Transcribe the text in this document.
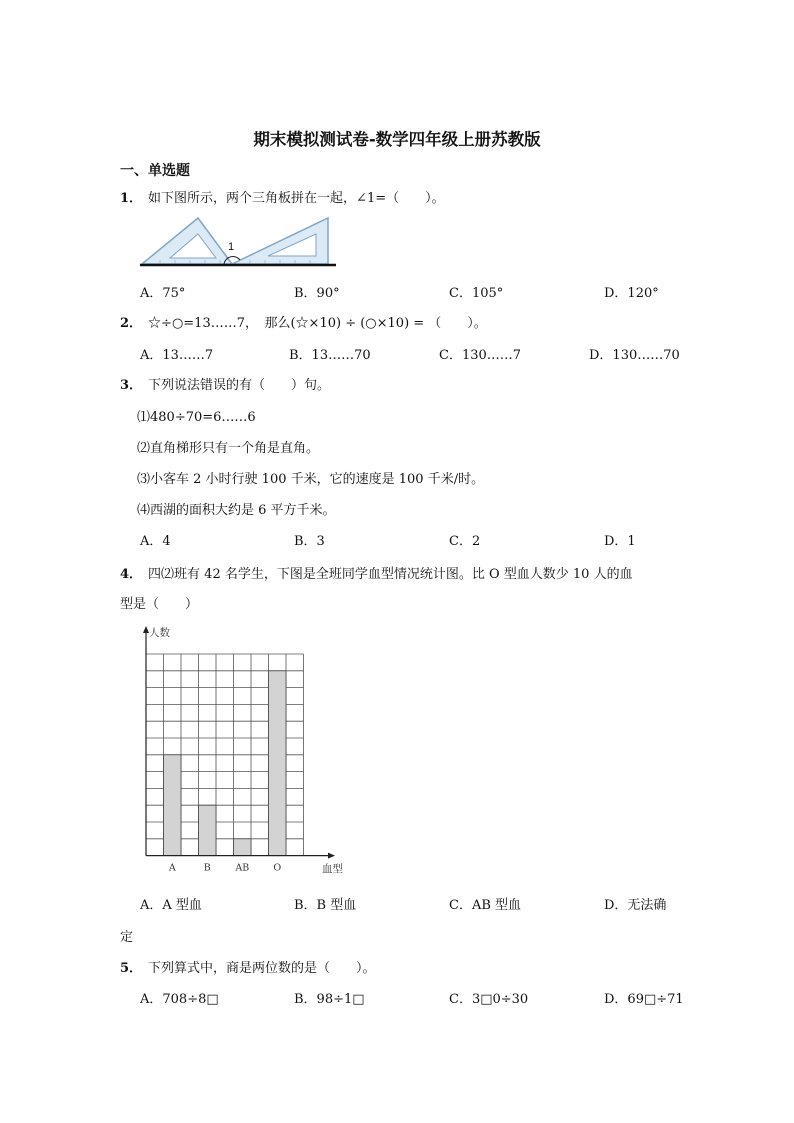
期末模拟测试卷-数学四年级上册苏教版
一、单选题
1． 如下图所示，两个三角板拼在一起，∠1=（　　）。
1
A．75°	B．90°	C．105°	D．120°
2． ☆÷○=13……7，　那么(☆×10) ÷ (○×10) = （　　）。
A．13……7	B．13……70	C．130……7	D．130……70
3． 下列说法错误的有（　　）句。
⑴480÷70=6……6
⑵直角梯形只有一个角是直角。
⑶小客车 2 小时行驶 100 千米，它的速度是 100 千米/时。
⑷西湖的面积大约是 6 平方千米。
A．4	B．3	C．2	D．1
4． 四⑵班有 42 名学生，下图是全班同学血型情况统计图。比 O 型血人数少 10 人的血
型是（　　）
A	B	AB	O
人数
血型
A．A 型血	B．B 型血	C．AB 型血	D．无法确
定
5． 下列算式中，商是两位数的是（　　）。
A．708÷8□	B．98÷1□	C．3□0÷30	D．69□÷71
